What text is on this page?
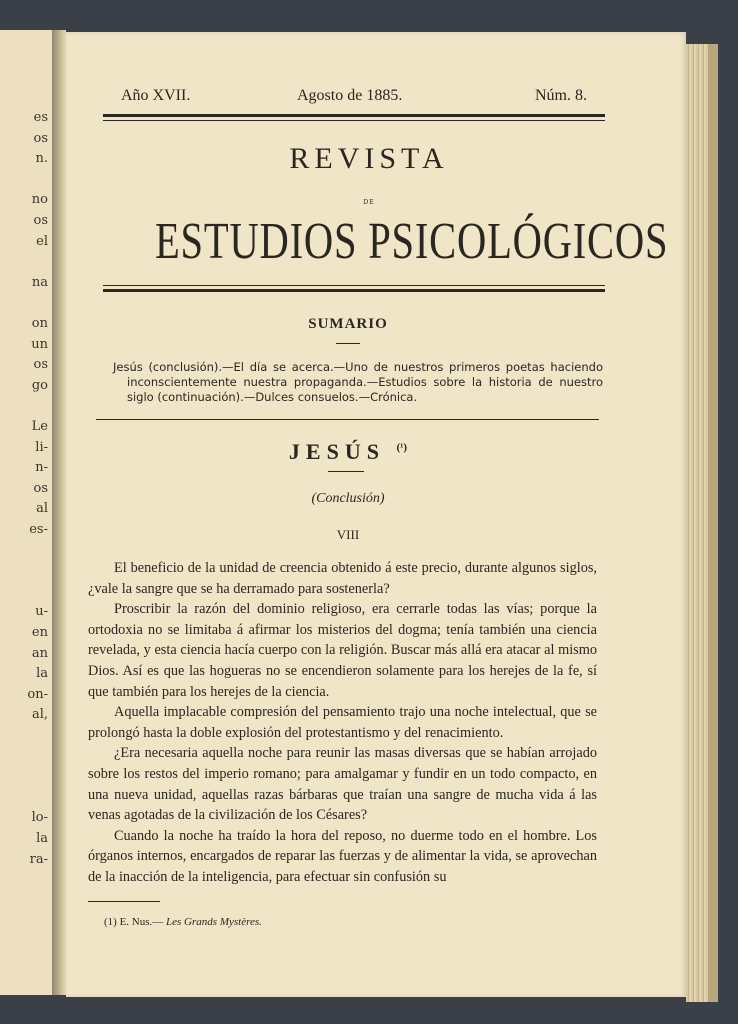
es
os
n.
no
os
el
na
on
un
os
go
Le
li-
n-
os
al
es-
u-
en
an
la
on-
al,
lo-
la
ra-
Año XVII.	Agosto de 1885.	Núm. 8.
REVISTA
DE
ESTUDIOS PSICOLÓGICOS
SUMARIO
Jesús (conclusión).—El día se acerca.—Uno de nuestros primeros poetas haciendo inconscientemente nuestra propaganda.—Estudios sobre la historia de nuestro siglo (continuación).—Dulces consuelos.—Crónica.
JESÚS $^{(^1)}$
(Conclusión)
VIII

El beneficio de la unidad de creencia obtenido á este precio, durante algunos siglos, ¿vale la sangre que se ha derramado para sostenerla?

Proscribir la razón del dominio religioso, era cerrarle todas las vías; porque la ortodoxia no se limitaba á afirmar los misterios del dogma; tenía también una ciencia revelada, y esta ciencia hacía cuerpo con la religión. Buscar más allá era atacar al mismo Dios. Así es que las hogueras no se encendieron solamente para los herejes de la fe, sí que también para los herejes de la ciencia.

Aquella implacable compresión del pensamiento trajo una noche intelectual, que se prolongó hasta la doble explosión del protestantismo y del renacimiento.

¿Era necesaria aquella noche para reunir las masas diversas que se habían arrojado sobre los restos del imperio romano; para amalgamar y fundir en un todo compacto, en una nueva unidad, aquellas razas bárbaras que traían una sangre de mucha vida á las venas agotadas de la civilización de los Césares?

Cuando la noche ha traído la hora del reposo, no duerme todo en el hombre. Los órganos internos, encargados de reparar las fuerzas y de alimentar la vida, se aprovechan de la inacción de la inteligencia, para efectuar sin confusión su

(1) E. Nus.— Les Grands Mystères.
